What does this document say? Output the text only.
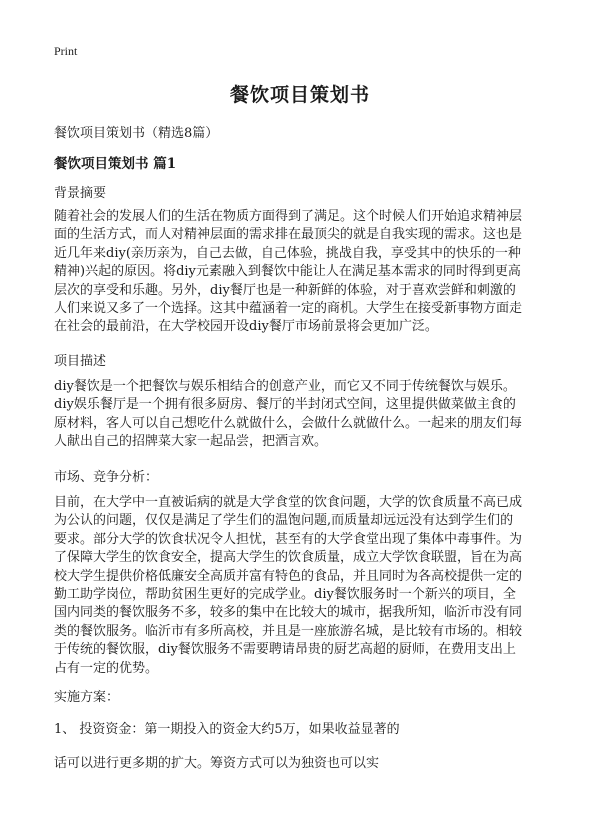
Print
餐饮项目策划书
餐饮项目策划书（精选8篇）
餐饮项目策划书 篇1
背景摘要
随着社会的发展人们的生活在物质方面得到了满足。这个时候人们开始追求精神层
面的生活方式，而人对精神层面的需求排在最顶尖的就是自我实现的需求。这也是
近几年来diy(亲历亲为，自己去做，自己体验，挑战自我，享受其中的快乐的一种
精神)兴起的原因。将diy元素融入到餐饮中能让人在满足基本需求的同时得到更高
层次的享受和乐趣。另外，diy餐厅也是一种新鲜的体验，对于喜欢尝鲜和刺激的
人们来说又多了一个选择。这其中蕴涵着一定的商机。大学生在接受新事物方面走
在社会的最前沿，在大学校园开设diy餐厅市场前景将会更加广泛。
项目描述
diy餐饮是一个把餐饮与娱乐相结合的创意产业，而它又不同于传统餐饮与娱乐。
diy娱乐餐厅是一个拥有很多厨房、餐厅的半封闭式空间，这里提供做菜做主食的
原材料，客人可以自己想吃什么就做什么，会做什么就做什么。一起来的朋友们每
人献出自己的招牌菜大家一起品尝，把酒言欢。
市场、竞争分析：
目前，在大学中一直被诟病的就是大学食堂的饮食问题，大学的饮食质量不高已成
为公认的问题，仅仅是满足了学生们的温饱问题,而质量却远远没有达到学生们的
要求。部分大学的饮食状况令人担忧，甚至有的大学食堂出现了集体中毒事件。为
了保障大学生的饮食安全，提高大学生的饮食质量，成立大学饮食联盟，旨在为高
校大学生提供价格低廉安全高质并富有特色的食品，并且同时为各高校提供一定的
勤工助学岗位，帮助贫困生更好的完成学业。diy餐饮服务时一个新兴的项目，全
国内同类的餐饮服务不多，较多的集中在比较大的城市，据我所知，临沂市没有同
类的餐饮服务。临沂市有多所高校，并且是一座旅游名城，是比较有市场的。相较
于传统的餐饮服，diy餐饮服务不需要聘请昂贵的厨艺高超的厨师，在费用支出上
占有一定的优势。
实施方案：
1、 投资资金：第一期投入的资金大约5万，如果收益显著的
话可以进行更多期的扩大。筹资方式可以为独资也可以实
